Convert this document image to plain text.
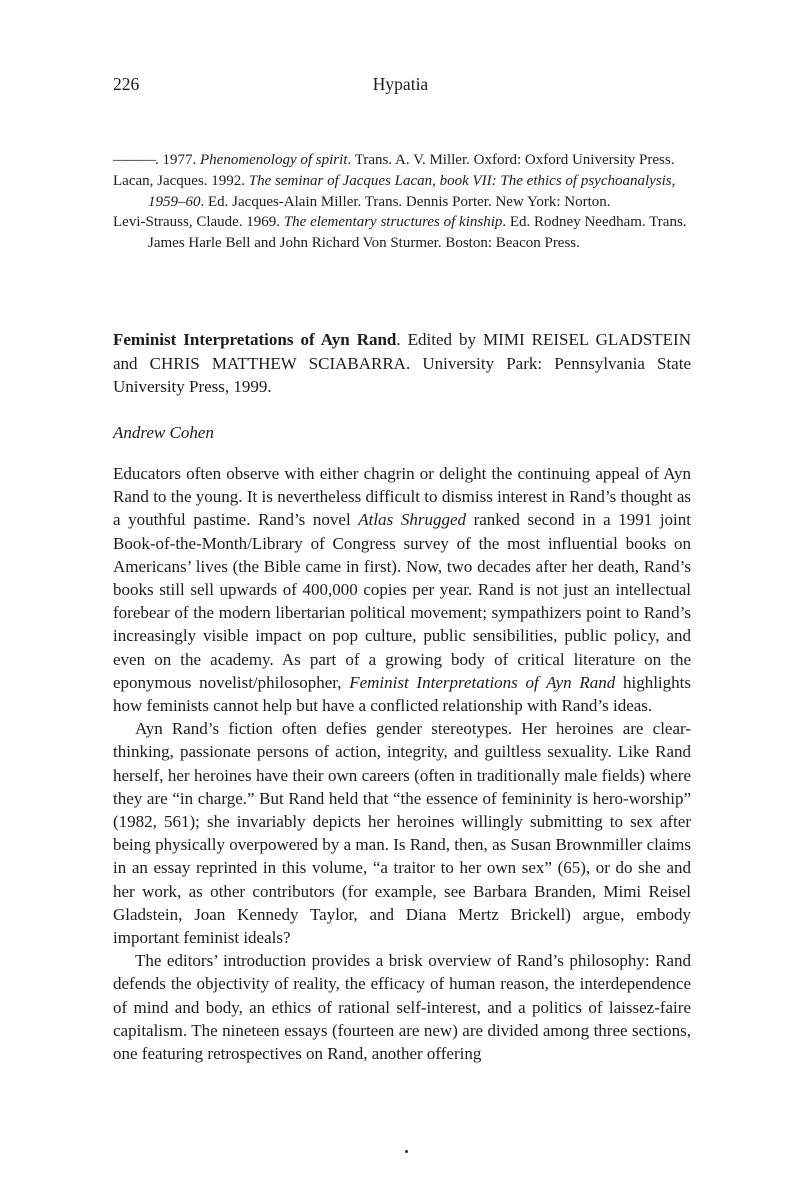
226	Hypatia

———. 1977. Phenomenology of spirit. Trans. A. V. Miller. Oxford: Oxford University Press.

Lacan, Jacques. 1992. The seminar of Jacques Lacan, book VII: The ethics of psychoanalysis, 1959–60. Ed. Jacques-Alain Miller. Trans. Dennis Porter. New York: Norton.

Levi-Strauss, Claude. 1969. The elementary structures of kinship. Ed. Rodney Needham. Trans. James Harle Bell and John Richard Von Sturmer. Boston: Beacon Press.

Feminist Interpretations of Ayn Rand. Edited by MIMI REISEL GLADSTEIN and CHRIS MATTHEW SCIABARRA. University Park: Pennsylvania State University Press, 1999.
Andrew Cohen

Educators often observe with either chagrin or delight the continuing appeal of Ayn Rand to the young. It is nevertheless difficult to dismiss interest in Rand’s thought as a youthful pastime. Rand’s novel Atlas Shrugged ranked second in a 1991 joint Book-of-the-Month/Library of Congress survey of the most influential books on Americans’ lives (the Bible came in first). Now, two decades after her death, Rand’s books still sell upwards of 400,000 copies per year. Rand is not just an intellectual forebear of the modern libertarian political movement; sympathizers point to Rand’s increasingly visible impact on pop culture, public sensibilities, public policy, and even on the academy. As part of a growing body of critical literature on the eponymous novelist/philosopher, Feminist Interpretations of Ayn Rand highlights how feminists cannot help but have a conflicted relationship with Rand’s ideas.

Ayn Rand’s fiction often defies gender stereotypes. Her heroines are clear-thinking, passionate persons of action, integrity, and guiltless sexuality. Like Rand herself, her heroines have their own careers (often in traditionally male fields) where they are “in charge.” But Rand held that “the essence of femininity is hero-worship” (1982, 561); she invariably depicts her heroines willingly submitting to sex after being physically overpowered by a man. Is Rand, then, as Susan Brownmiller claims in an essay reprinted in this volume, “a traitor to her own sex” (65), or do she and her work, as other contributors (for example, see Barbara Branden, Mimi Reisel Gladstein, Joan Kennedy Taylor, and Diana Mertz Brickell) argue, embody important feminist ideals?

The editors’ introduction provides a brisk overview of Rand’s philosophy: Rand defends the objectivity of reality, the efficacy of human reason, the interdependence of mind and body, an ethics of rational self-interest, and a politics of laissez-faire capitalism. The nineteen essays (fourteen are new) are divided among three sections, one featuring retrospectives on Rand, another offering
